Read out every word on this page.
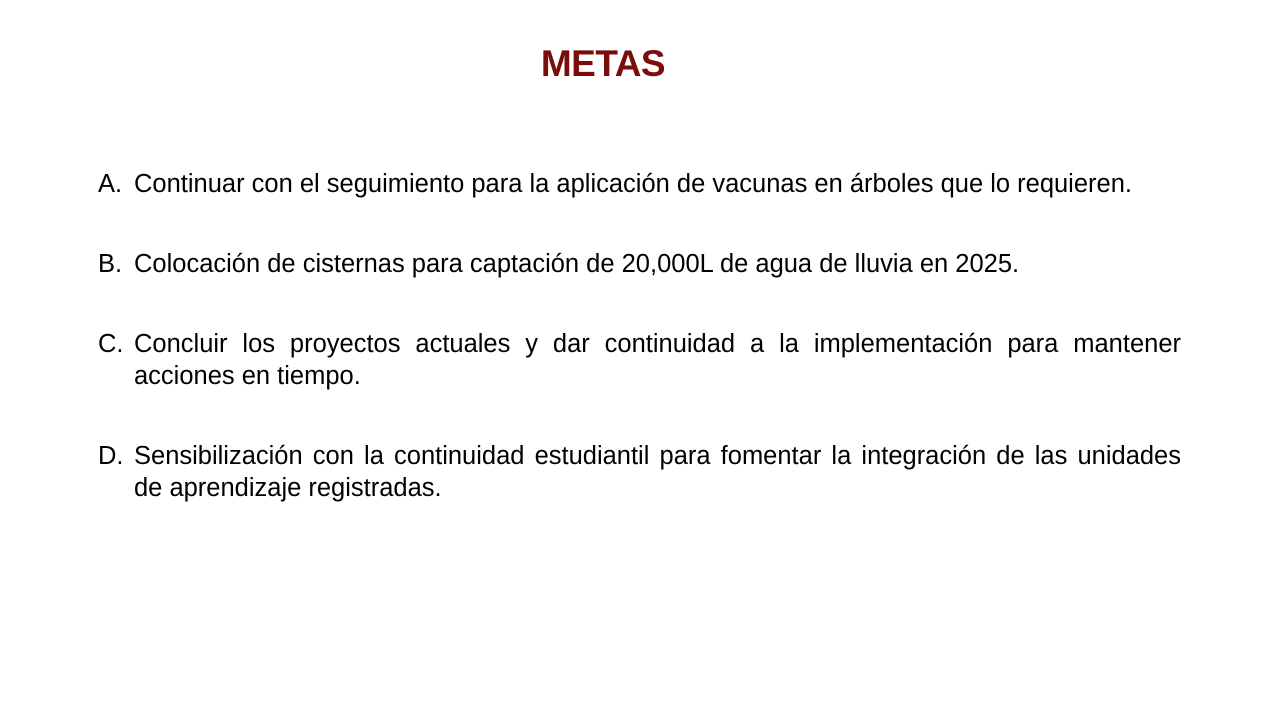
METAS
A. Continuar con el seguimiento para la aplicación de vacunas en árboles que lo requieren.
B. Colocación de cisternas para captación de 20,000L de agua de lluvia en 2025.
C. Concluir los proyectos actuales y dar continuidad a la implementación para mantener acciones en tiempo.
D. Sensibilización con la continuidad estudiantil para fomentar la integración de las unidades de aprendizaje registradas.
